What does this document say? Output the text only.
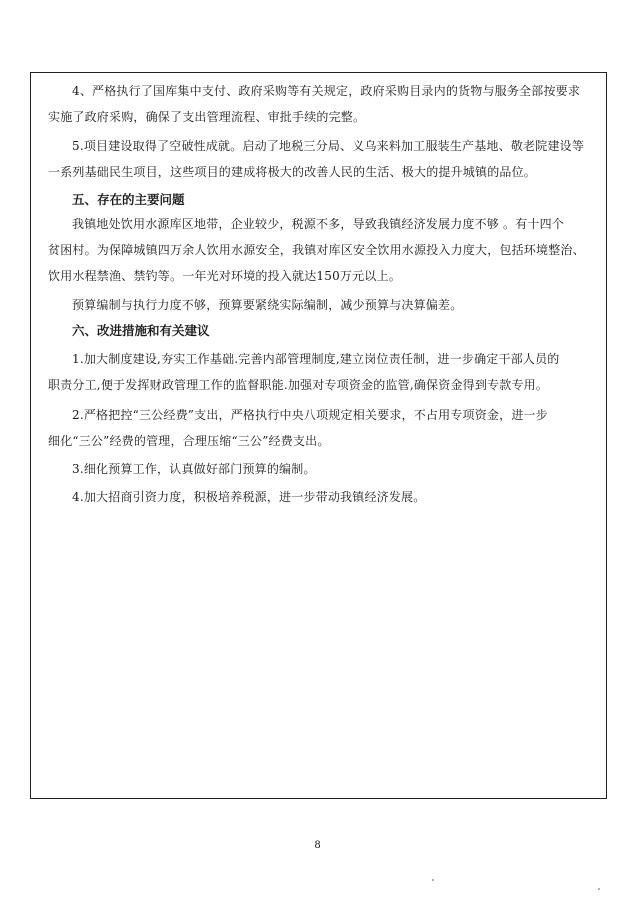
4、严格执行了国库集中支付、政府采购等有关规定，政府采购目录内的货物与服务全部按要求
实施了政府采购，确保了支出管理流程、审批手续的完整。

5.项目建设取得了空破性成就。启动了地税三分局、义乌来料加工服装生产基地、敬老院建设等
一系列基础民生项目，这些项目的建成将极大的改善人民的生活、极大的提升城镇的品位。

五、存在的主要问题

我镇地处饮用水源库区地带，企业较少，税源不多，导致我镇经济发展力度不够 。有十四个
贫困村。为保障城镇四万余人饮用水源安全，我镇对库区安全饮用水源投入力度大，包括环境整治、
饮用水程禁渔、禁钓等。一年光对环境的投入就达150万元以上。

预算编制与执行力度不够，预算要紧绕实际编制，减少预算与决算偏差。

六、改进措施和有关建议

1.加大制度建设,夯实工作基础.完善内部管理制度,建立岗位责任制，进一步确定干部人员的
职责分工,便于发挥财政管理工作的监督职能.加强对专项资金的监管,确保资金得到专款专用。

2.严格把控“三公经费”支出，严格执行中央八项规定相关要求，不占用专项资金，进一步
细化“三公”经费的管理，合理压缩“三公”经费支出。

3.细化预算工作，认真做好部门预算的编制。

4.加大招商引资力度，积极培养税源，进一步带动我镇经济发展。

8
